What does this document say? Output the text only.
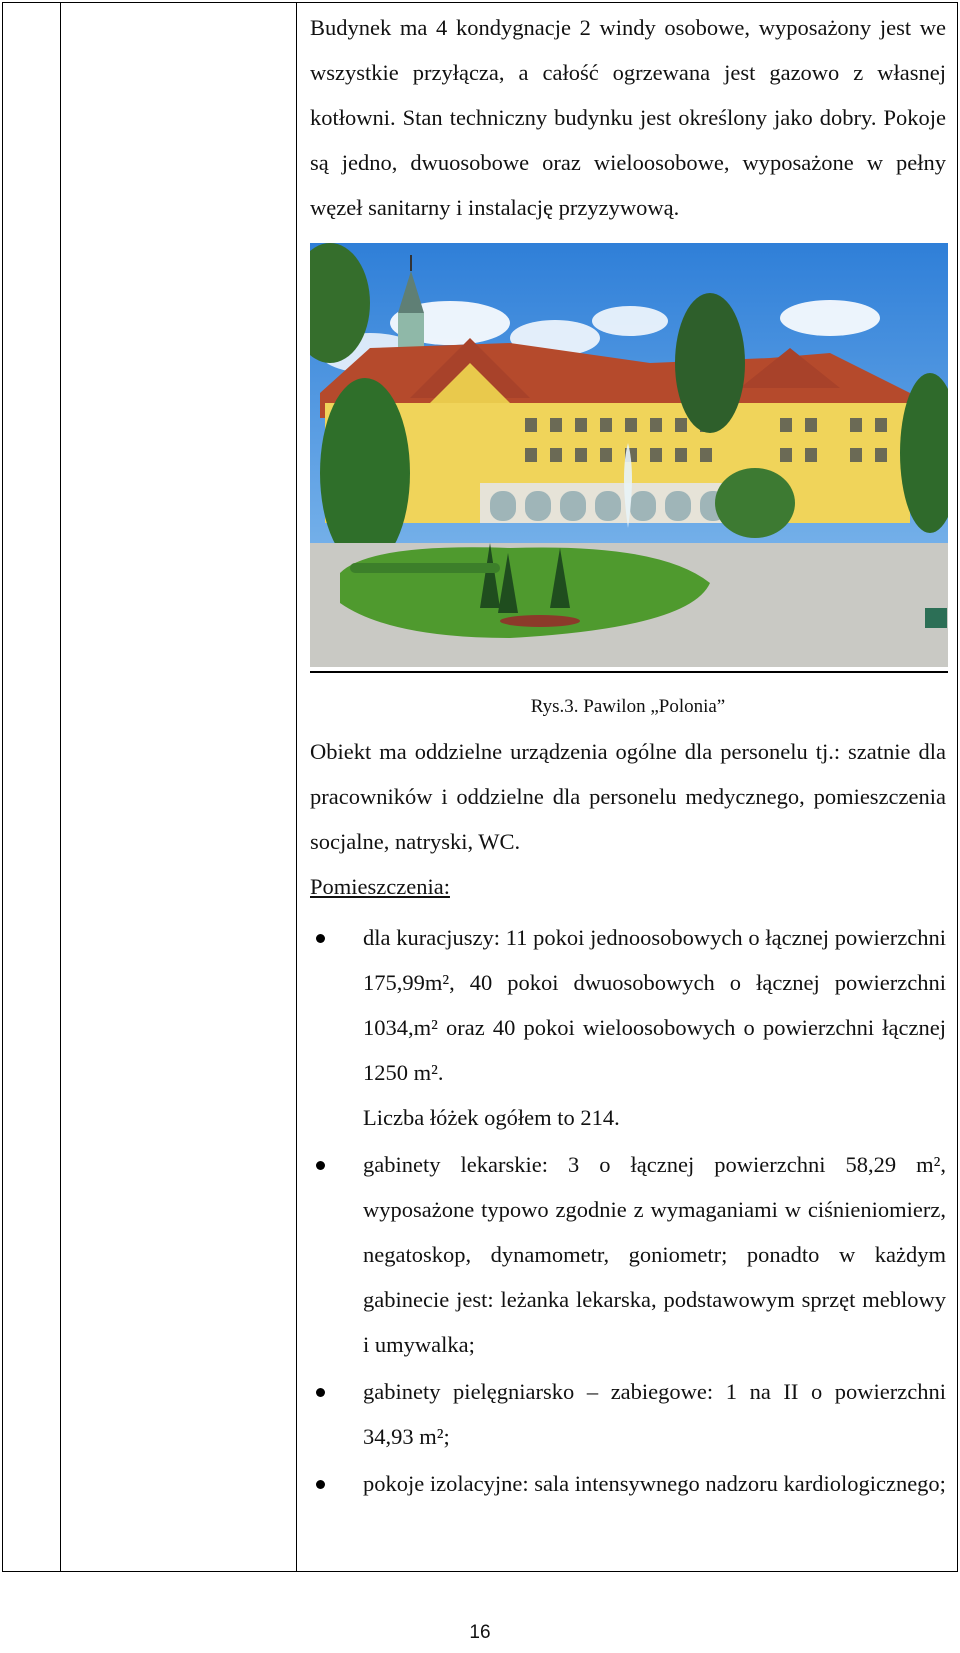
Budynek ma 4 kondygnacje 2 windy osobowe, wyposażony jest we wszystkie przyłącza, a całość ogrzewana jest gazowo z własnej kotłowni. Stan techniczny budynku jest określony jako dobry. Pokoje są jedno, dwuosobowe oraz wieloosobowe, wyposażone w pełny węzeł sanitarny i instalację przyzywową.

Rys.3. Pawilon „Polonia”

Obiekt ma oddzielne urządzenia ogólne dla personelu tj.: szatnie dla pracowników i oddzielne dla personelu medycznego, pomieszczenia socjalne, natryski, WC.

Pomieszczenia:

dla kuracjuszy: 11 pokoi jednoosobowych o łącznej powierzchni 175,99m², 40 pokoi dwuosobowych o łącznej powierzchni 1034,m² oraz 40 pokoi wieloosobowych o powierzchni łącznej 1250 m².
Liczba łóżek ogółem to 214.
gabinety lekarskie: 3 o łącznej powierzchni 58,29 m², wyposażone typowo zgodnie z wymaganiami w ciśnieniomierz, negatoskop, dynamometr, goniometr; ponadto w każdym gabinecie jest: leżanka lekarska, podstawowym sprzęt meblowy i umywalka;
gabinety pielęgniarsko – zabiegowe: 1 na II o powierzchni 34,93 m²;
pokoje izolacyjne: sala intensywnego nadzoru kardiologicznego;
16
